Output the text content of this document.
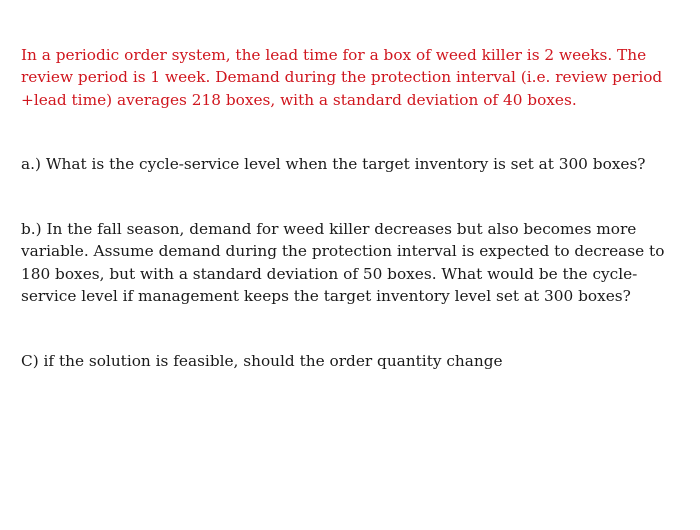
In a periodic order system, the lead time for a box of weed killer is 2 weeks. The review period is 1 week. Demand during the protection interval (i.e. review period +lead time) averages 218 boxes, with a standard deviation of 40 boxes.

a.) What is the cycle-service level when the target inventory is set at 300 boxes?

b.) In the fall season, demand for weed killer decreases but also becomes more variable. Assume demand during the protection interval is expected to decrease to 180 boxes, but with a standard deviation of 50 boxes. What would be the cycle-service level if management keeps the target inventory level set at 300 boxes?

C) if the solution is feasible, should the order quantity change
